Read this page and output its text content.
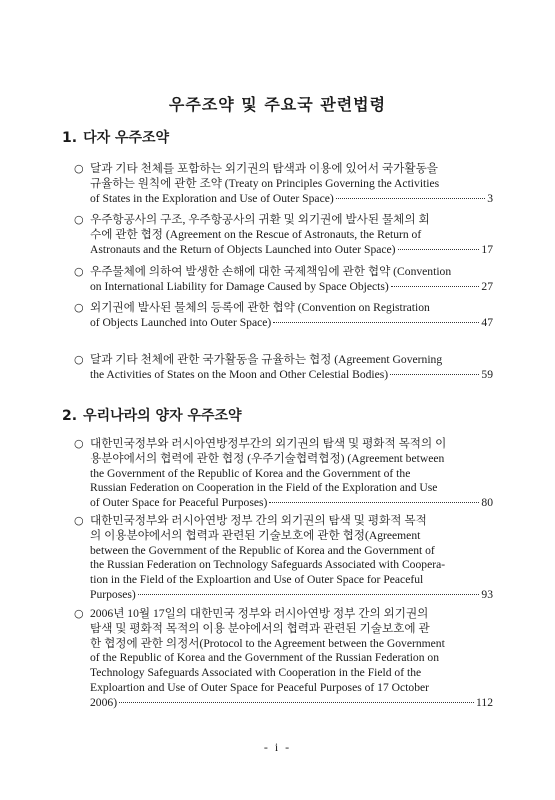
우주조약 및 주요국 관련법령
1. 다자 우주조약
○ 달과 기타 천체를 포함하는 외기권의 탐색과 이용에 있어서 국가활동을
규율하는 원칙에 관한 조약 (Treaty on Principles Governing the Activities
of States in the Exploration and Use of Outer Space)	3
○ 우주항공사의 구조, 우주항공사의 귀환 및 외기권에 발사된 물체의 회
수에 관한 협정 (Agreement on the Rescue of Astronauts, the Return of
Astronauts and the Return of Objects Launched into Outer Space)	17
○ 우주물체에 의하여 발생한 손해에 대한 국제책임에 관한 협약 (Convention
on International Liability for Damage Caused by Space Objects)	27
○ 외기권에 발사된 물체의 등록에 관한 협약 (Convention on Registration
of Objects Launched into Outer Space)	47
○ 달과 기타 천체에 관한 국가활동을 규율하는 협정 (Agreement Governing
the Activities of States on the Moon and Other Celestial Bodies)	59
2. 우리나라의 양자 우주조약
○ 대한민국정부와 러시아연방정부간의 외기권의 탐색 및 평화적 목적의 이
용분야에서의 협력에 관한 협정 (우주기술협력협정) (Agreement between
the Government of the Republic of Korea and the Government of the
Russian Federation on Cooperation in the Field of the Exploration and Use
of Outer Space for Peaceful Purposes)	80
○ 대한민국정부와 러시아연방 정부 간의 외기권의 탐색 및 평화적 목적
의 이용분야에서의 협력과 관련된 기술보호에 관한 협정(Agreement
between the Government of the Republic of Korea and the Government of
the Russian Federation on Technology Safeguards Associated with Coopera-
tion in the Field of the Exploartion and Use of Outer Space for Peaceful
Purposes)	93
○ 2006년 10월 17일의 대한민국 정부와 러시아연방 정부 간의 외기권의
탐색 및 평화적 목적의 이용 분야에서의 협력과 관련된 기술보호에 관
한 협정에 관한 의정서(Protocol to the Agreement between the Government
of the Republic of Korea and the Government of the Russian Federation on
Technology Safeguards Associated with Cooperation in the Field of the
Exploartion and Use of Outer Space for Peaceful Purposes of 17 October
2006)	112
- i -
